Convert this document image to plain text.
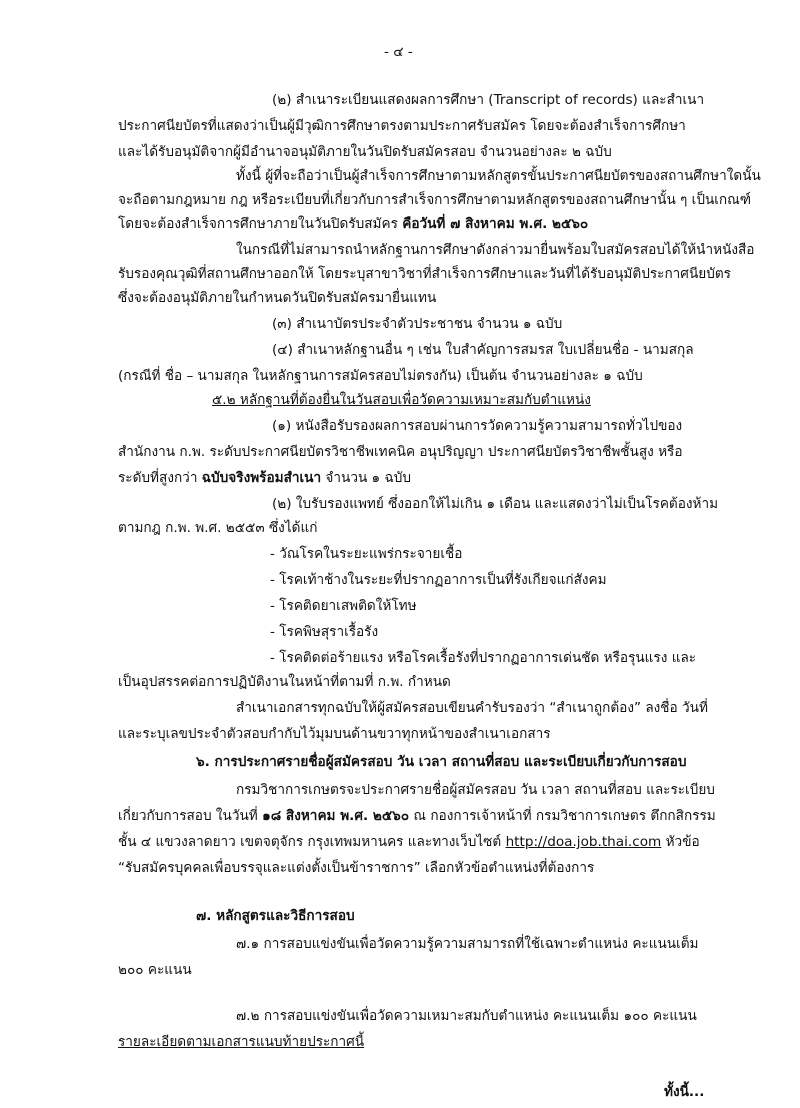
- ๔ -
(๒) สำเนาระเบียนแสดงผลการศึกษา (Transcript of records) และสำเนา
ประกาศนียบัตรที่แสดงว่าเป็นผู้มีวุฒิการศึกษาตรงตามประกาศรับสมัคร โดยจะต้องสำเร็จการศึกษา
และได้รับอนุมัติจากผู้มีอำนาจอนุมัติภายในวันปิดรับสมัครสอบ จำนวนอย่างละ ๒ ฉบับ
ทั้งนี้ ผู้ที่จะถือว่าเป็นผู้สำเร็จการศึกษาตามหลักสูตรขั้นประกาศนียบัตรของสถานศึกษาใดนั้น
จะถือตามกฎหมาย กฎ หรือระเบียบที่เกี่ยวกับการสำเร็จการศึกษาตามหลักสูตรของสถานศึกษานั้น ๆ เป็นเกณฑ์
โดยจะต้องสำเร็จการศึกษาภายในวันปิดรับสมัคร คือวันที่ ๗ สิงหาคม พ.ศ. ๒๕๖๐
ในกรณีที่ไม่สามารถนำหลักฐานการศึกษาดังกล่าวมายื่นพร้อมใบสมัครสอบได้ให้นำหนังสือ
รับรองคุณวุฒิที่สถานศึกษาออกให้ โดยระบุสาขาวิชาที่สำเร็จการศึกษาและวันที่ได้รับอนุมัติประกาศนียบัตร
ซึ่งจะต้องอนุมัติภายในกำหนดวันปิดรับสมัครมายื่นแทน
(๓) สำเนาบัตรประจำตัวประชาชน จำนวน ๑ ฉบับ
(๔) สำเนาหลักฐานอื่น ๆ เช่น ใบสำคัญการสมรส ใบเปลี่ยนชื่อ - นามสกุล
(กรณีที่ ชื่อ – นามสกุล ในหลักฐานการสมัครสอบไม่ตรงกัน) เป็นต้น จำนวนอย่างละ ๑ ฉบับ
๕.๒ หลักฐานที่ต้องยื่นในวันสอบเพื่อวัดความเหมาะสมกับตำแหน่ง
(๑) หนังสือรับรองผลการสอบผ่านการวัดความรู้ความสามารถทั่วไปของ
สำนักงาน ก.พ. ระดับประกาศนียบัตรวิชาชีพเทคนิค อนุปริญญา ประกาศนียบัตรวิชาชีพชั้นสูง หรือ
ระดับที่สูงกว่า ฉบับจริงพร้อมสำเนา จำนวน ๑ ฉบับ
(๒) ใบรับรองแพทย์ ซึ่งออกให้ไม่เกิน ๑ เดือน และแสดงว่าไม่เป็นโรคต้องห้าม
ตามกฎ ก.พ. พ.ศ. ๒๕๕๓ ซึ่งได้แก่
- วัณโรคในระยะแพร่กระจายเชื้อ
- โรคเท้าช้างในระยะที่ปรากฏอาการเป็นที่รังเกียจแก่สังคม
- โรคติดยาเสพติดให้โทษ
- โรคพิษสุราเรื้อรัง
- โรคติดต่อร้ายแรง หรือโรคเรื้อรังที่ปรากฏอาการเด่นชัด หรือรุนแรง และ
เป็นอุปสรรคต่อการปฏิบัติงานในหน้าที่ตามที่ ก.พ. กำหนด
สำเนาเอกสารทุกฉบับให้ผู้สมัครสอบเขียนคำรับรองว่า “สำเนาถูกต้อง” ลงชื่อ วันที่
และระบุเลขประจำตัวสอบกำกับไว้มุมบนด้านขวาทุกหน้าของสำเนาเอกสาร
๖. การประกาศรายชื่อผู้สมัครสอบ วัน เวลา สถานที่สอบ และระเบียบเกี่ยวกับการสอบ
กรมวิชาการเกษตรจะประกาศรายชื่อผู้สมัครสอบ วัน เวลา สถานที่สอบ และระเบียบ
เกี่ยวกับการสอบ ในวันที่ ๑๘ สิงหาคม พ.ศ. ๒๕๖๐ ณ กองการเจ้าหน้าที่ กรมวิชาการเกษตร ตึกกสิกรรม
ชั้น ๔ แขวงลาดยาว เขตจตุจักร กรุงเทพมหานคร และทางเว็บไซต์ http://doa.job.thai.com หัวข้อ
“รับสมัครบุคคลเพื่อบรรจุและแต่งตั้งเป็นข้าราชการ” เลือกหัวข้อตำแหน่งที่ต้องการ
๗. หลักสูตรและวิธีการสอบ
๗.๑ การสอบแข่งขันเพื่อวัดความรู้ความสามารถที่ใช้เฉพาะตำแหน่ง คะแนนเต็ม
๒๐๐ คะแนน
๗.๒ การสอบแข่งขันเพื่อวัดความเหมาะสมกับตำแหน่ง คะแนนเต็ม ๑๐๐ คะแนน
รายละเอียดตามเอกสารแนบท้ายประกาศนี้
ทั้งนี้...
